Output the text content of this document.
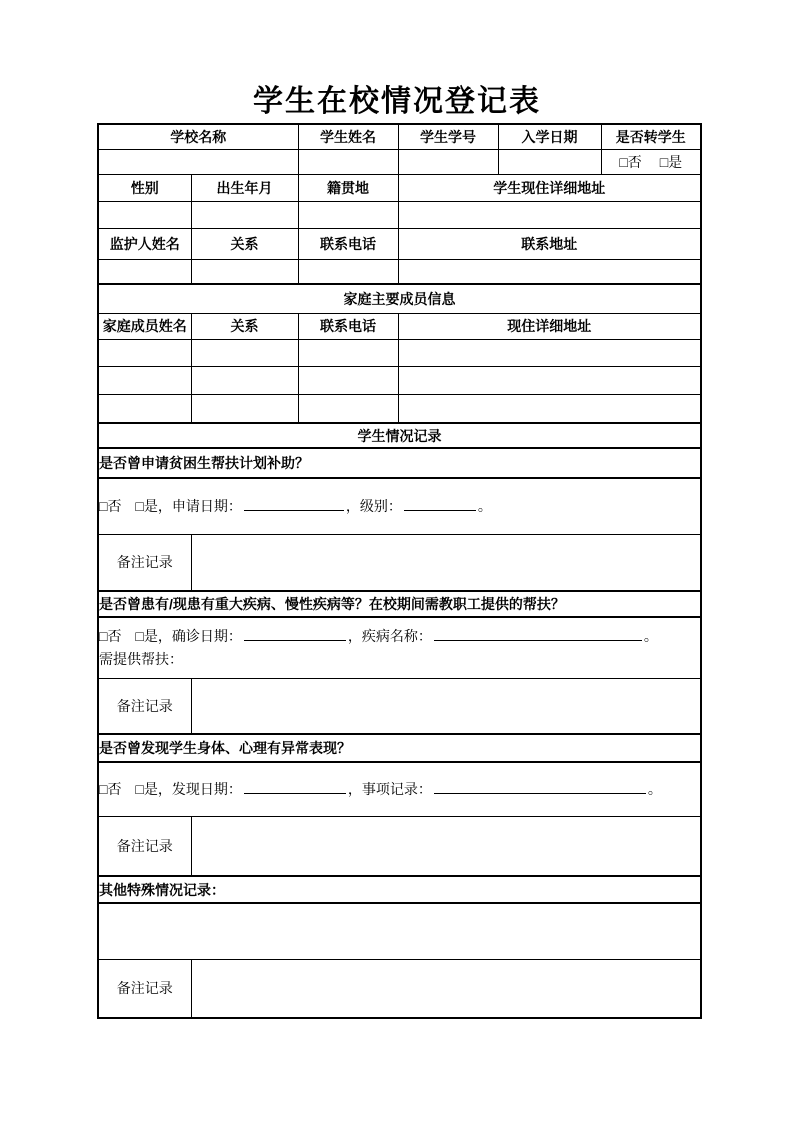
学生在校情况登记表
学校名称		学生姓名	学生学号	入学日期	是否转学生
					□否 □是
性别	出生年月	籍贯地	学生现住详细地址		

监护人姓名	关系	联系电话	联系地址		

家庭主要成员信息					
家庭成员姓名	关系	联系电话	现住详细地址		

学生情况记录					
是否曾申请贫困生帮扶计划补助？					
□否 □是，申请日期： ，级别： 。					
备注记录					
是否曾患有/现患有重大疾病、慢性疾病等？在校期间需教职工提供的帮扶？					

□否 □是，确诊日期： ，疾病名称： 。
需提供帮扶：					

备注记录					
是否曾发现学生身体、心理有异常表现？					
□否 □是，发现日期： ，事项记录： 。					
备注记录					
其他特殊情况记录：					

备注记录					
